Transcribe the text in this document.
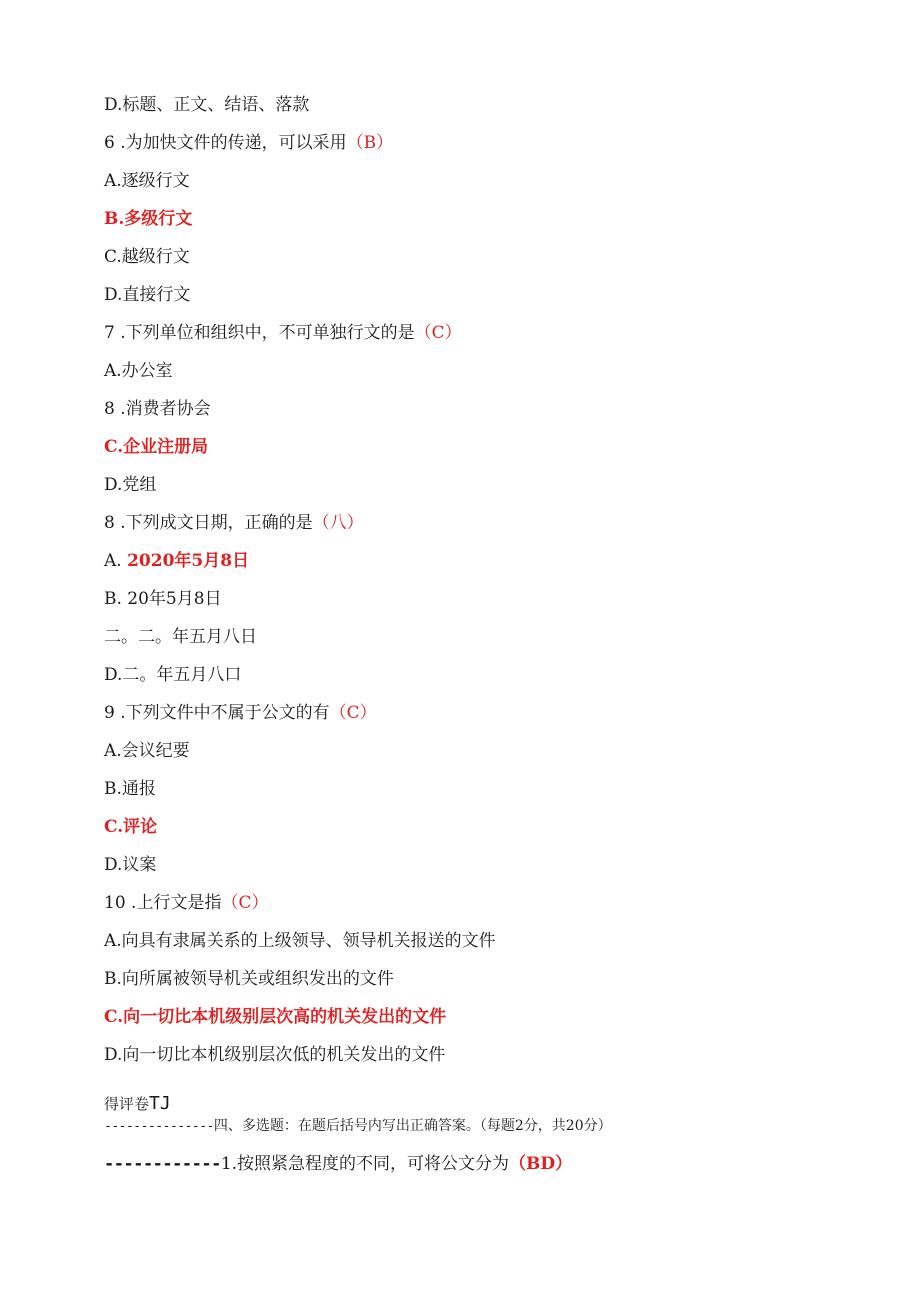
D.标题、正文、结语、落款
6 .为加快文件的传递，可以采用（B）
A.逐级行文
B.多级行文
C.越级行文
D.直接行文
7 .下列单位和组织中，不可单独行文的是（C）
A.办公室
8 .消费者协会
C.企业注册局
D.党组
8 .下列成文日期，正确的是（八）
A. 2020年5月8日
B. 20年5月8日
二。二。年五月八日
D.二。年五月八口
9 .下列文件中不属于公文的有（C）
A.会议纪要
B.通报
C.评论
D.议案
10 .上行文是指（C）
A.向具有隶属关系的上级领导、领导机关报送的文件
B.向所属被领导机关或组织发出的文件
C.向一切比本机级别层次高的机关发出的文件
D.向一切比本机级别层次低的机关发出的文件
得评卷TJ
---------------四、多选题：在题后括号内写出正确答案。（每题2分，共20分）
------------1.按照紧急程度的不同，可将公文分为（BD）
